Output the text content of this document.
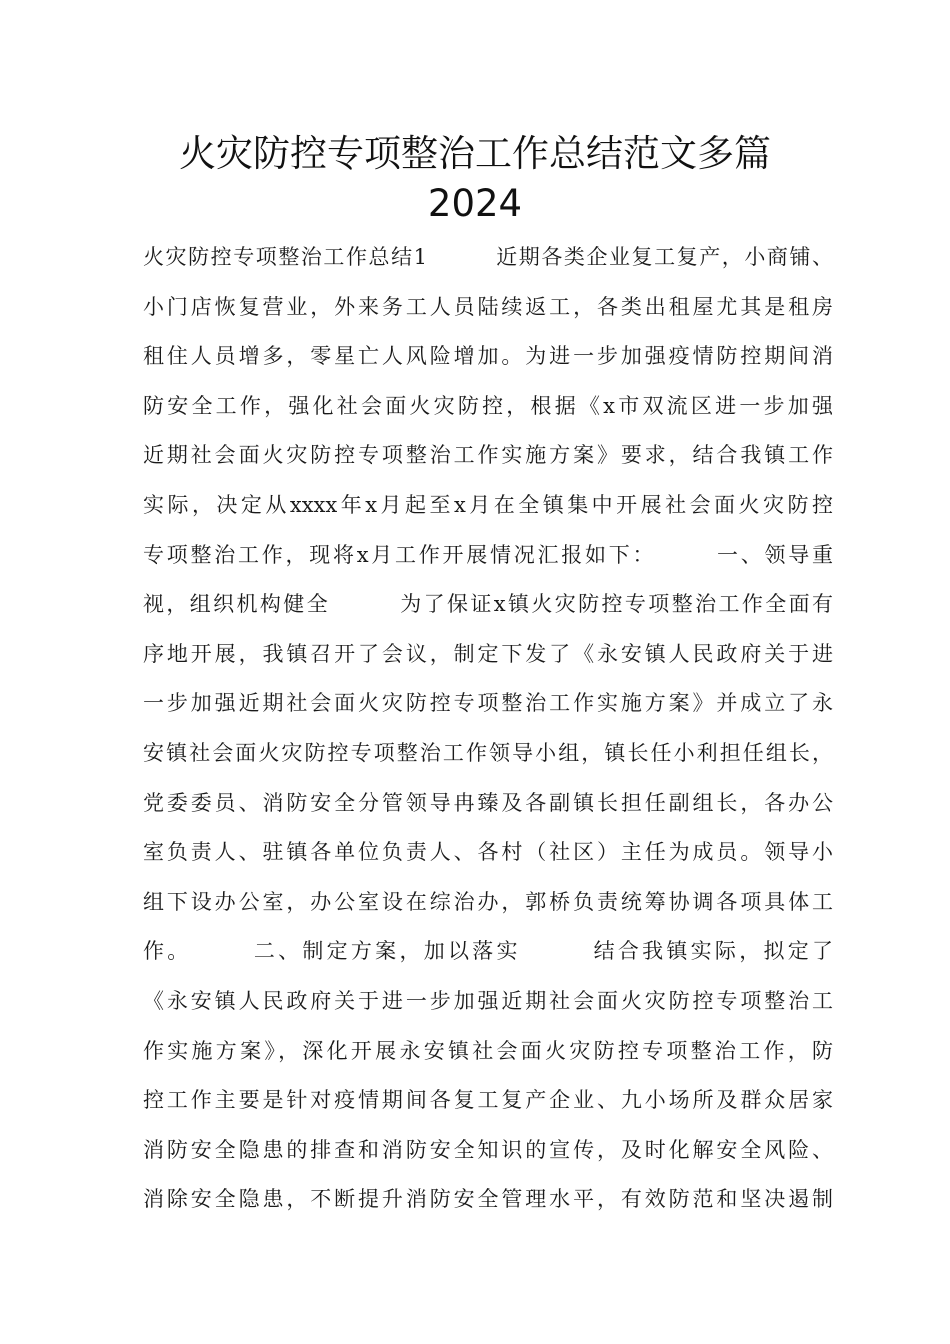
火灾防控专项整治工作总结范文多篇
2024
火灾防控专项整治工作总结1　　　近期各类企业复工复产，小商铺、
小门店恢复营业，外来务工人员陆续返工，各类出租屋尤其是租房
租住人员增多，零星亡人风险增加。为进一步加强疫情防控期间消
防安全工作，强化社会面火灾防控，根据《x市双流区进一步加强
近期社会面火灾防控专项整治工作实施方案》要求，结合我镇工作
实际，决定从xxxx年x月起至x月在全镇集中开展社会面火灾防控
专项整治工作，现将x月工作开展情况汇报如下：　　　一、领导重
视，组织机构健全　　　为了保证x镇火灾防控专项整治工作全面有
序地开展，我镇召开了会议，制定下发了《永安镇人民政府关于进
一步加强近期社会面火灾防控专项整治工作实施方案》并成立了永
安镇社会面火灾防控专项整治工作领导小组，镇长任小利担任组长，
党委委员、消防安全分管领导冉臻及各副镇长担任副组长，各办公
室负责人、驻镇各单位负责人、各村（社区）主任为成员。领导小
组下设办公室，办公室设在综治办，郭桥负责统筹协调各项具体工
作。　　　二、制定方案，加以落实　　　结合我镇实际，拟定了
《永安镇人民政府关于进一步加强近期社会面火灾防控专项整治工
作实施方案》，深化开展永安镇社会面火灾防控专项整治工作，防
控工作主要是针对疫情期间各复工复产企业、九小场所及群众居家
消防安全隐患的排查和消防安全知识的宣传，及时化解安全风险、
消除安全隐患，不断提升消防安全管理水平，有效防范和坚决遏制
